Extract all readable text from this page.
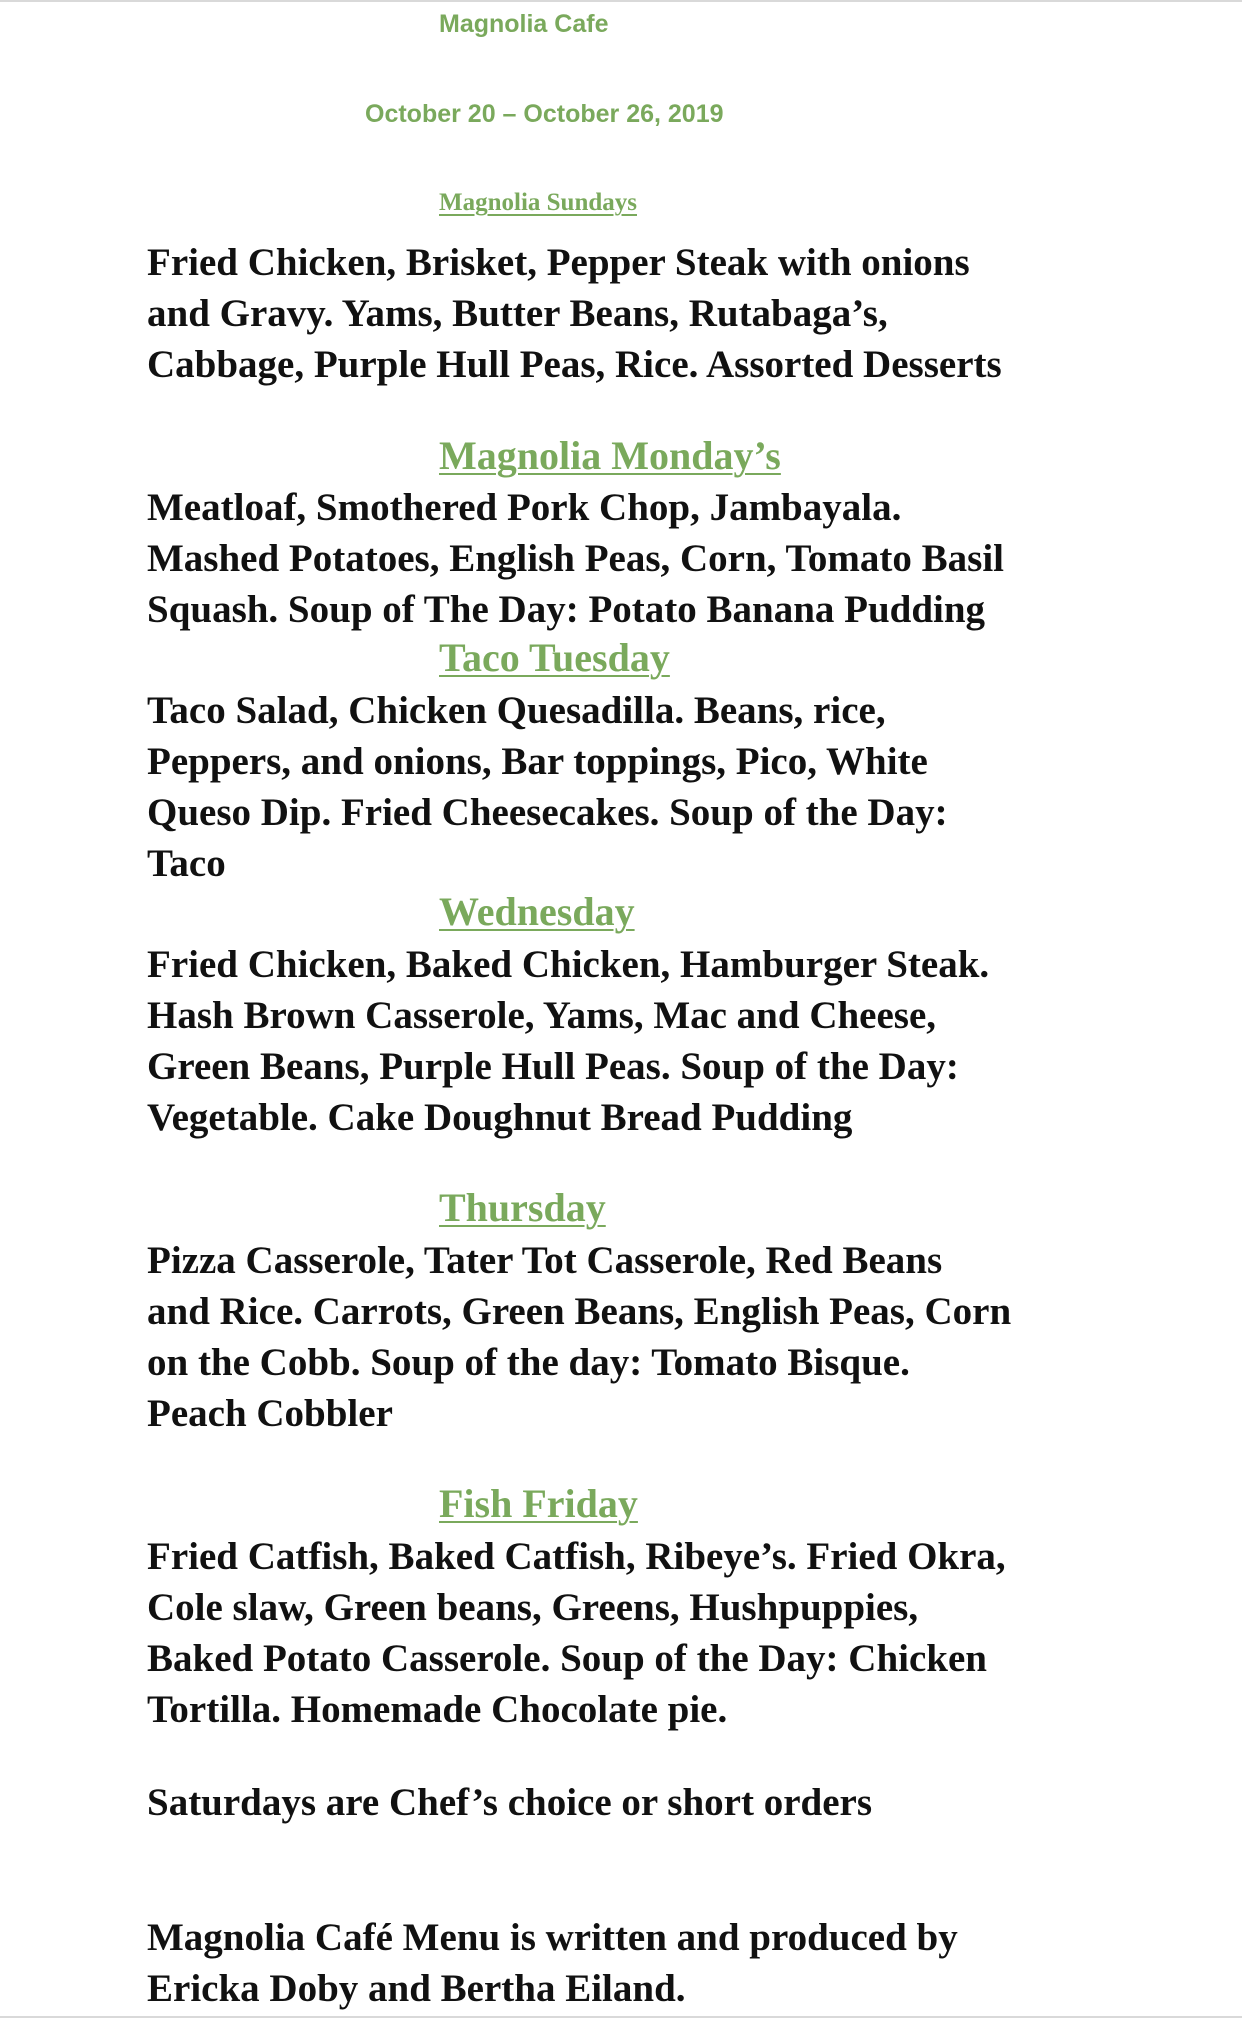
Magnolia Cafe
October 20 – October 26, 2019
Magnolia Sundays
Fried Chicken, Brisket, Pepper Steak with onions
and Gravy. Yams, Butter Beans, Rutabaga’s,
Cabbage, Purple Hull Peas, Rice. Assorted Desserts
Magnolia Monday’s
Meatloaf, Smothered Pork Chop, Jambayala.
Mashed Potatoes, English Peas, Corn, Tomato Basil
Squash. Soup of The Day: Potato Banana Pudding
Taco Tuesday
Taco Salad, Chicken Quesadilla. Beans, rice,
Peppers, and onions, Bar toppings, Pico, White
Queso Dip. Fried Cheesecakes. Soup of the Day:
Taco
Wednesday
Fried Chicken, Baked Chicken, Hamburger Steak.
Hash Brown Casserole, Yams, Mac and Cheese,
Green Beans, Purple Hull Peas. Soup of the Day:
Vegetable. Cake Doughnut Bread Pudding
Thursday
Pizza Casserole, Tater Tot Casserole, Red Beans
and Rice. Carrots, Green Beans, English Peas, Corn
on the Cobb. Soup of the day: Tomato Bisque.
Peach Cobbler
Fish Friday
Fried Catfish, Baked Catfish, Ribeye’s. Fried Okra,
Cole slaw, Green beans, Greens, Hushpuppies,
Baked Potato Casserole. Soup of the Day: Chicken
Tortilla. Homemade Chocolate pie.
Saturdays are Chef’s choice or short orders
Magnolia Café Menu is written and produced by
Ericka Doby and Bertha Eiland.
